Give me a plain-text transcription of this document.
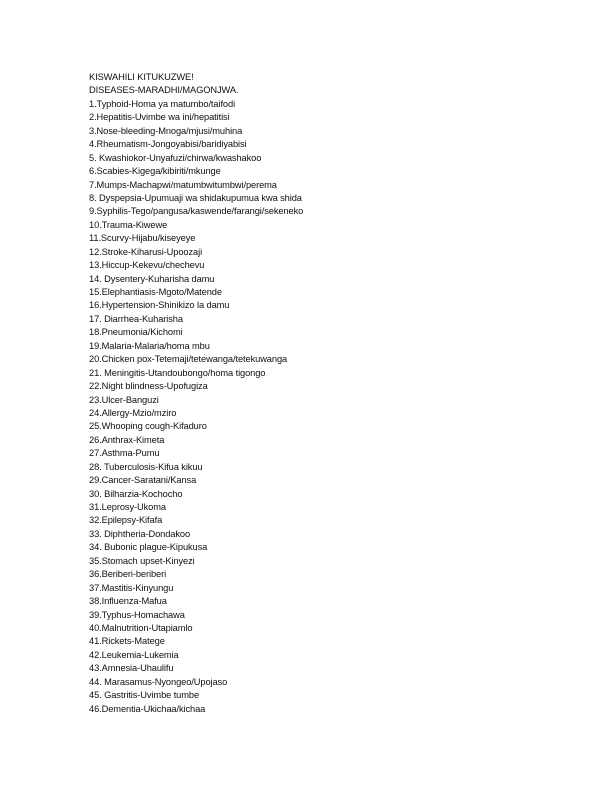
KISWAHILI KITUKUZWE!
DISEASES-MARADHI/MAGONJWA.
1.Typhoid-Homa ya matumbo/taifodi
2.Hepatitis-Uvimbe wa ini/hepatitisi
3.Nose-bleeding-Mnoga/mjusi/muhina
4.Rheumatism-Jongoyabisi/baridiyabisi
5. Kwashiokor-Unyafuzi/chirwa/kwashakoo
6.Scabies-Kigega/kibiriti/mkunge
7.Mumps-Machapwi/matumbwitumbwi/perema
8. Dyspepsia-Upumuaji wa shidakupumua kwa shida
9.Syphilis-Tego/pangusa/kaswende/farangi/sekeneko
10.Trauma-Kiwewe
11.Scurvy-Hijabu/kiseyeye
12.Stroke-Kiharusi-Upoozaji
13.Hiccup-Kekevu/chechevu
14. Dysentery-Kuharisha damu
15.Elephantiasis-Mgoto/Matende
16.Hypertension-Shinikizo la damu
17. Diarrhea-Kuharisha
18.Pneumonia/Kichomi
19.Malaria-Malaria/homa mbu
20.Chicken pox-Tetemaji/tetewanga/tetekuwanga
21. Meningitis-Utandoubongo/homa tigongo
22.Night blindness-Upofugiza
23.Ulcer-Banguzi
24.Allergy-Mzio/mziro
25.Whooping cough-Kifaduro
26.Anthrax-Kimeta
27.Asthma-Pumu
28. Tuberculosis-Kifua kikuu
29.Cancer-Saratani/Kansa
30. Bilharzia-Kochocho
31.Leprosy-Ukoma
32.Epilepsy-Kifafa
33. Diphtheria-Dondakoo
34. Bubonic plague-Kipukusa
35.Stomach upset-Kinyezi
36.Beriberi-beriberi
37.Mastitis-Kinyungu
38.Influenza-Mafua
39.Typhus-Homachawa
40.Malnutrition-Utapiamlo
41.Rickets-Matege
42.Leukemia-Lukemia
43.Amnesia-Uhaulifu
44. Marasamus-Nyongeo/Upojaso
45. Gastritis-Uvimbe tumbe
46.Dementia-Ukichaa/kichaa
